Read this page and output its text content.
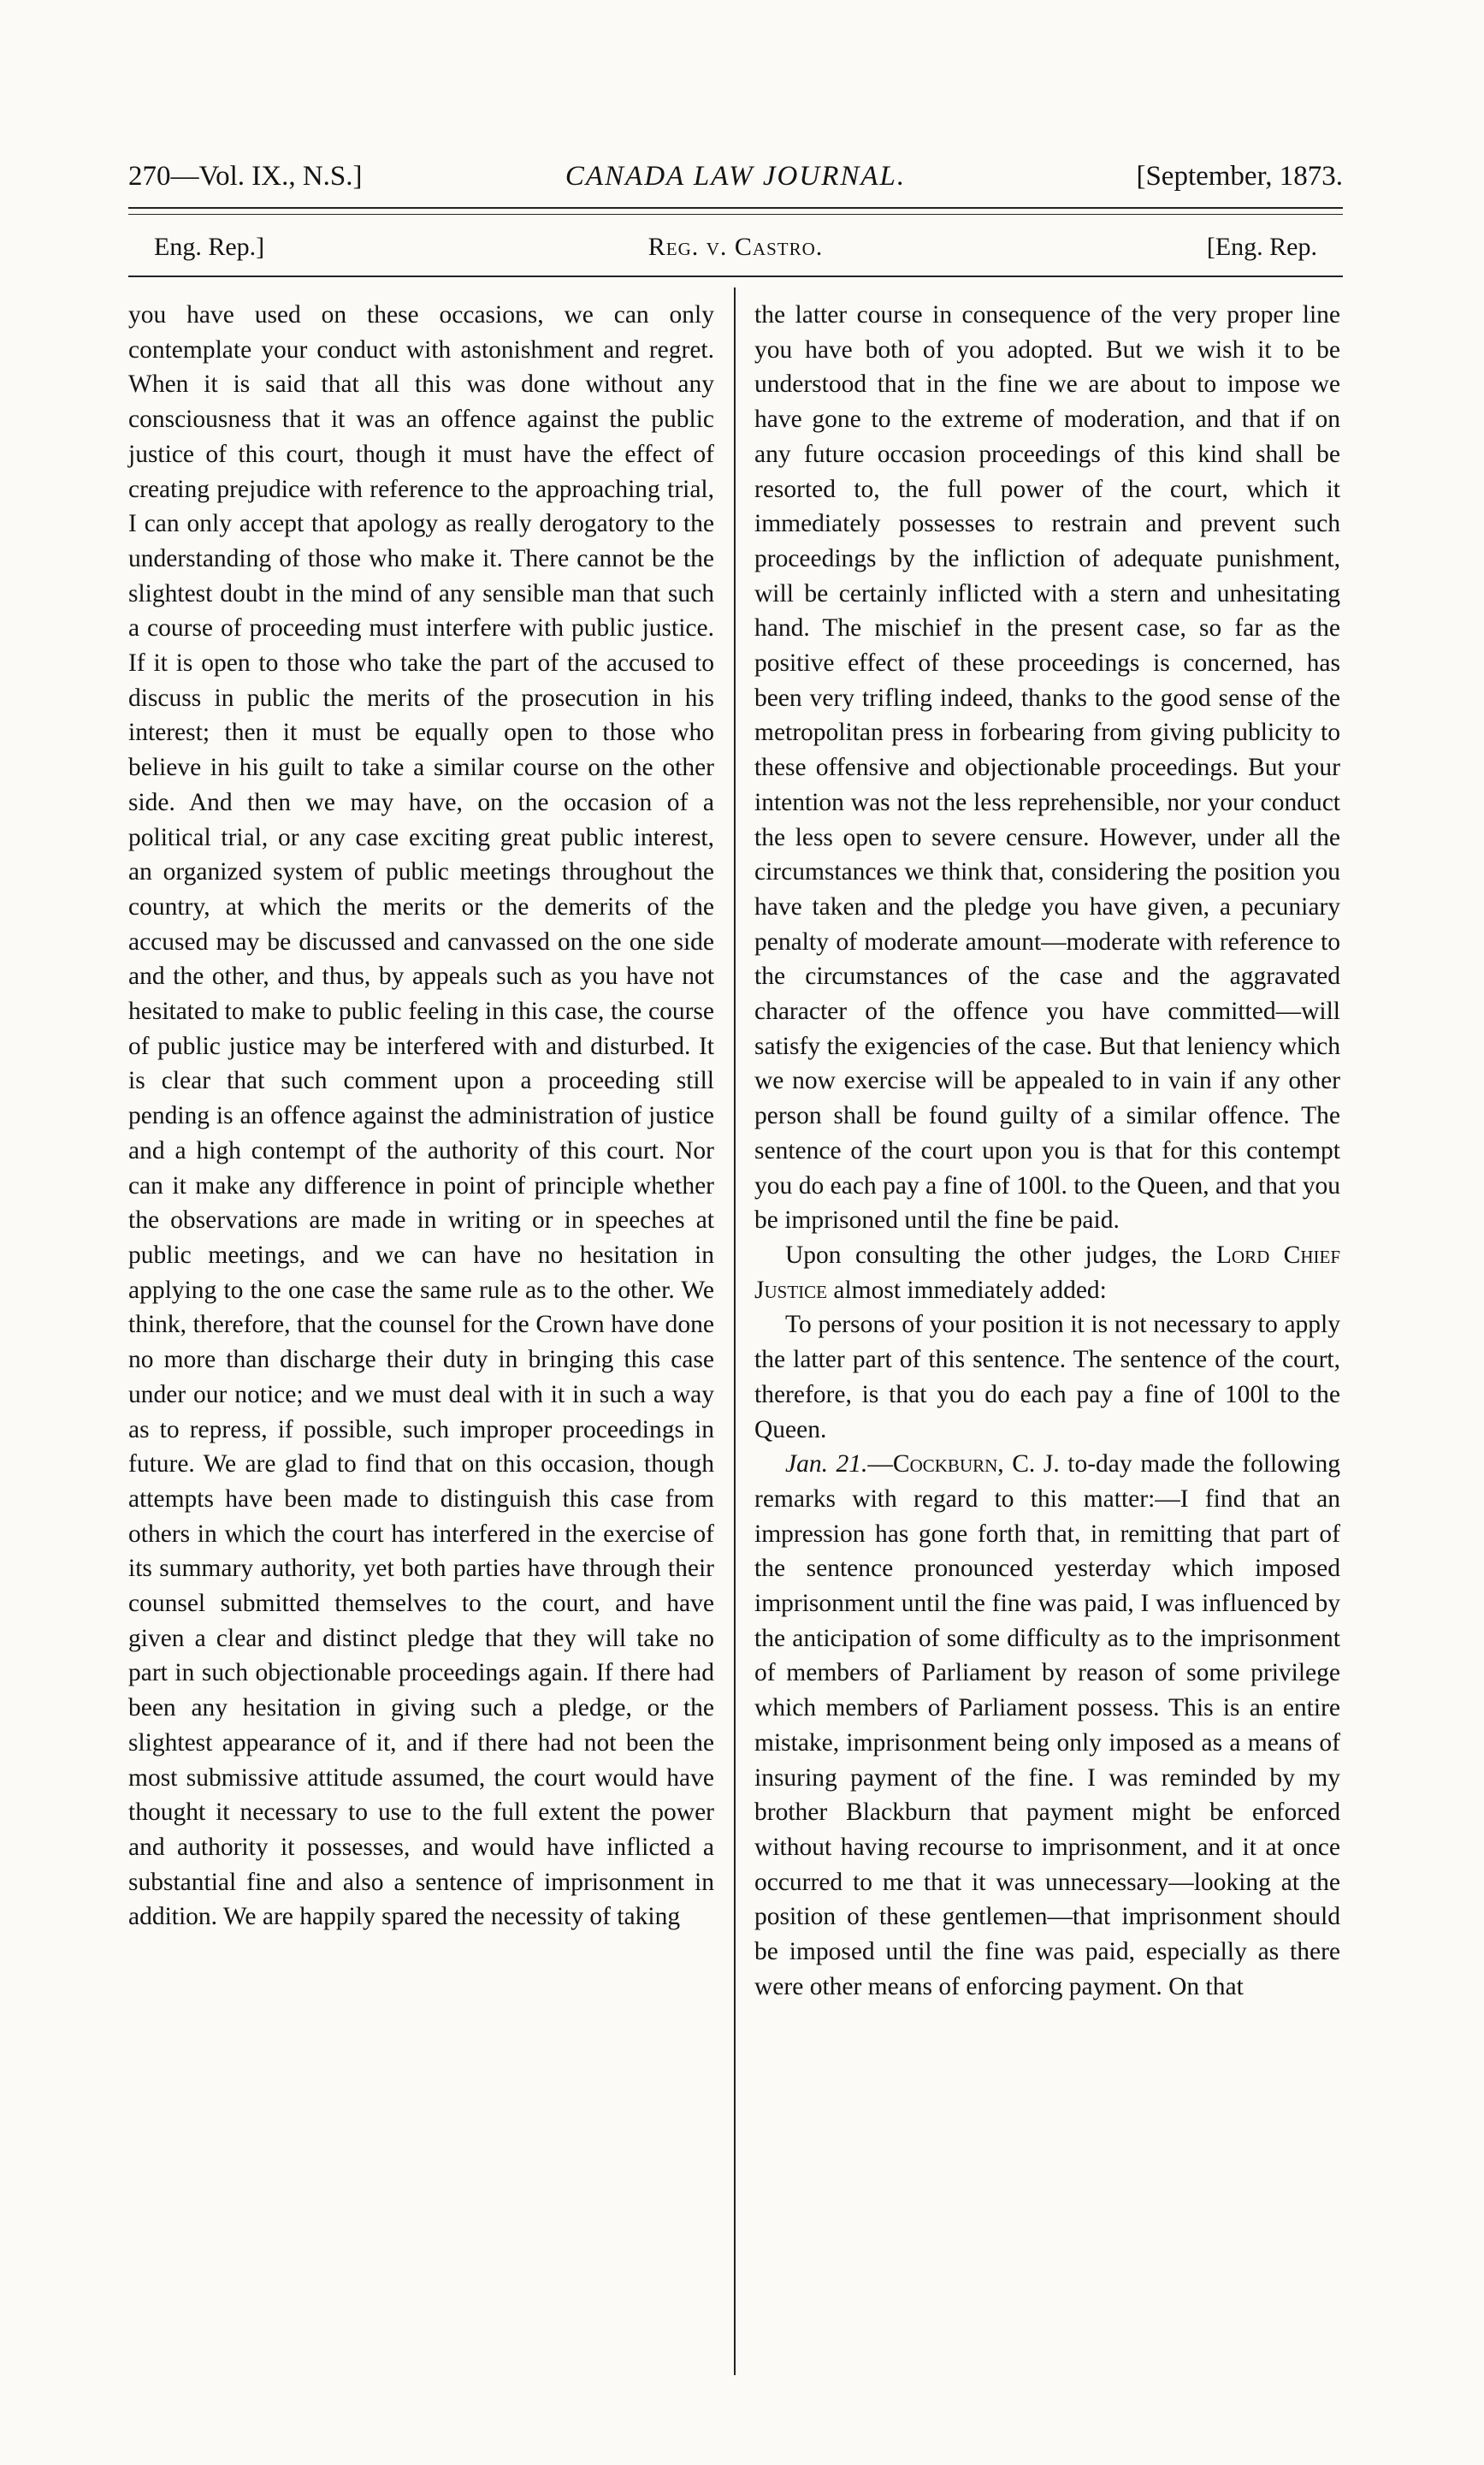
270—Vol. IX., N.S.]	CANADA LAW JOURNAL.	[September, 1873.
Eng. Rep.]	Reg. v. Castro.	[Eng. Rep.

you have used on these occasions, we can only contemplate your conduct with astonishment and regret. When it is said that all this was done without any consciousness that it was an offence against the public justice of this court, though it must have the effect of creating prejudice with reference to the approaching trial, I can only accept that apology as really derogatory to the understanding of those who make it. There cannot be the slightest doubt in the mind of any sensible man that such a course of proceeding must interfere with public justice. If it is open to those who take the part of the accused to discuss in public the merits of the prosecution in his interest; then it must be equally open to those who believe in his guilt to take a similar course on the other side. And then we may have, on the occasion of a political trial, or any case exciting great public interest, an organized system of public meetings throughout the country, at which the merits or the demerits of the accused may be discussed and canvassed on the one side and the other, and thus, by appeals such as you have not hesitated to make to public feeling in this case, the course of public justice may be interfered with and disturbed. It is clear that such comment upon a proceeding still pending is an offence against the administration of justice and a high contempt of the authority of this court. Nor can it make any difference in point of principle whether the observations are made in writing or in speeches at public meetings, and we can have no hesitation in applying to the one case the same rule as to the other. We think, therefore, that the counsel for the Crown have done no more than discharge their duty in bringing this case under our notice; and we must deal with it in such a way as to repress, if possible, such improper proceedings in future. We are glad to find that on this occasion, though attempts have been made to distinguish this case from others in which the court has interfered in the exercise of its summary authority, yet both parties have through their counsel submitted themselves to the court, and have given a clear and distinct pledge that they will take no part in such objectionable proceedings again. If there had been any hesitation in giving such a pledge, or the slightest appearance of it, and if there had not been the most submissive attitude assumed, the court would have thought it necessary to use to the full extent the power and authority it possesses, and would have inflicted a substantial fine and also a sentence of imprisonment in addition. We are happily spared the necessity of taking

the latter course in consequence of the very proper line you have both of you adopted. But we wish it to be understood that in the fine we are about to impose we have gone to the extreme of moderation, and that if on any future occasion proceedings of this kind shall be resorted to, the full power of the court, which it immediately possesses to restrain and prevent such proceedings by the infliction of adequate punishment, will be certainly inflicted with a stern and unhesitating hand. The mischief in the present case, so far as the positive effect of these proceedings is concerned, has been very trifling indeed, thanks to the good sense of the metropolitan press in forbearing from giving publicity to these offensive and objectionable proceedings. But your intention was not the less reprehensible, nor your conduct the less open to severe censure. However, under all the circumstances we think that, considering the position you have taken and the pledge you have given, a pecuniary penalty of moderate amount—moderate with reference to the circumstances of the case and the aggravated character of the offence you have committed—will satisfy the exigencies of the case. But that leniency which we now exercise will be appealed to in vain if any other person shall be found guilty of a similar offence. The sentence of the court upon you is that for this contempt you do each pay a fine of 100l. to the Queen, and that you be imprisoned until the fine be paid.

Upon consulting the other judges, the Lord Chief Justice almost immediately added:

To persons of your position it is not necessary to apply the latter part of this sentence. The sentence of the court, therefore, is that you do each pay a fine of 100l to the Queen.

Jan. 21.—Cockburn, C. J. to-day made the following remarks with regard to this matter:—I find that an impression has gone forth that, in remitting that part of the sentence pronounced yesterday which imposed imprisonment until the fine was paid, I was influenced by the anticipation of some difficulty as to the imprisonment of members of Parliament by reason of some privilege which members of Parliament possess. This is an entire mistake, imprisonment being only imposed as a means of insuring payment of the fine. I was reminded by my brother Blackburn that payment might be enforced without having recourse to imprisonment, and it at once occurred to me that it was unnecessary—looking at the position of these gentlemen—that imprisonment should be imposed until the fine was paid, especially as there were other means of enforcing payment. On that
